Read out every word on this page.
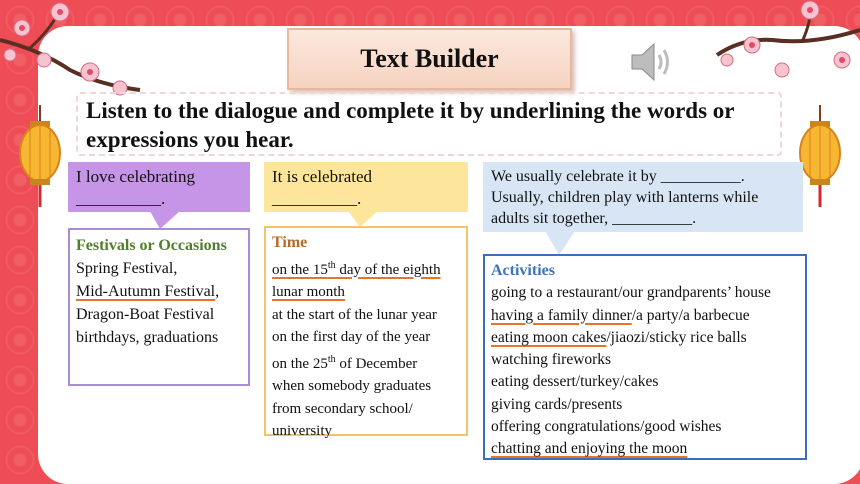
Text Builder
Listen to the dialogue and complete it by underlining the words or expressions you hear.
I love celebrating
__________.
It is celebrated
__________.
We usually celebrate it by __________.
Usually, children play with lanterns while
adults sit together, __________.
Festivals or Occasions
Spring Festival,
Mid-Autumn Festival,
Dragon-Boat Festival
birthdays, graduations
Time
on the 15th day of the eighth
lunar month
at the start of the lunar year
on the first day of the year
on the 25th of December
when somebody graduates
from secondary school/
university
Activities
going to a restaurant/our grandparents’ house
having a family dinner/a party/a barbecue
eating moon cakes/jiaozi/sticky rice balls
watching fireworks
eating dessert/turkey/cakes
giving cards/presents
offering congratulations/good wishes
chatting and enjoying the moon
